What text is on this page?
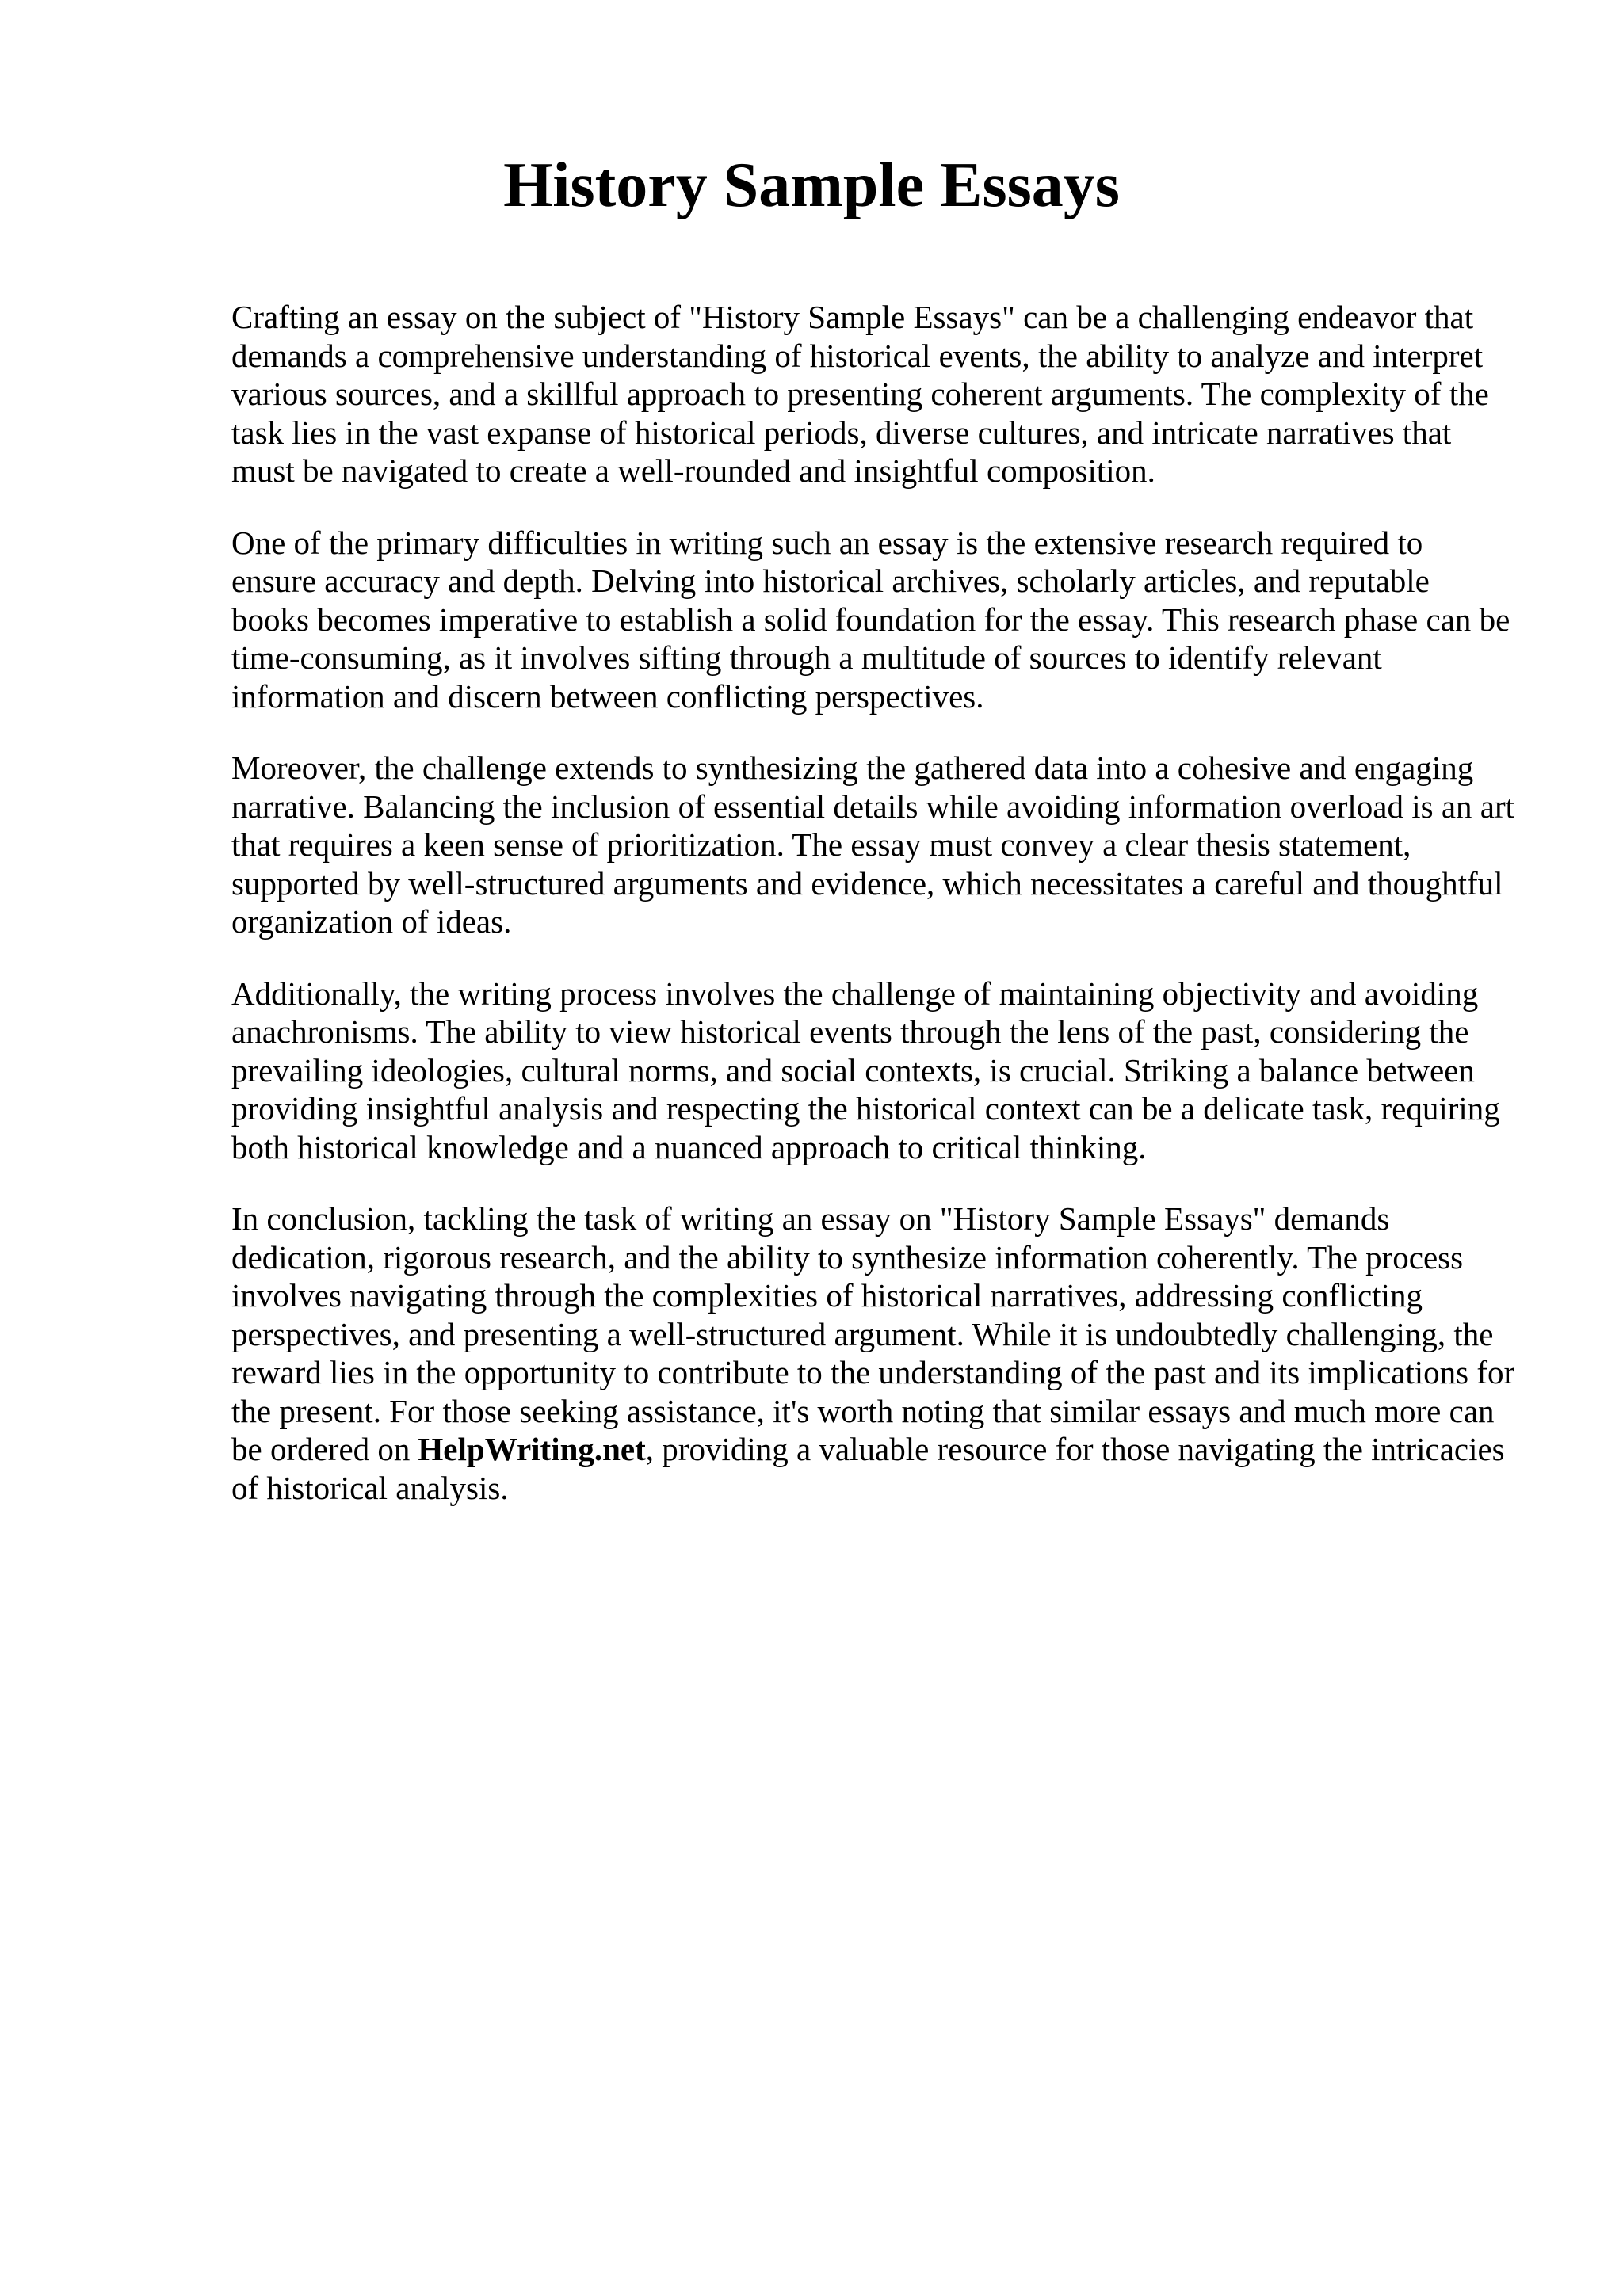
History Sample Essays

Crafting an essay on the subject of "History Sample Essays" can be a challenging endeavor that demands a comprehensive understanding of historical events, the ability to analyze and interpret various sources, and a skillful approach to presenting coherent arguments. The complexity of the task lies in the vast expanse of historical periods, diverse cultures, and intricate narratives that must be navigated to create a well-rounded and insightful composition.

One of the primary difficulties in writing such an essay is the extensive research required to ensure accuracy and depth. Delving into historical archives, scholarly articles, and reputable books becomes imperative to establish a solid foundation for the essay. This research phase can be time-consuming, as it involves sifting through a multitude of sources to identify relevant information and discern between conflicting perspectives.

Moreover, the challenge extends to synthesizing the gathered data into a cohesive and engaging narrative. Balancing the inclusion of essential details while avoiding information overload is an art that requires a keen sense of prioritization. The essay must convey a clear thesis statement, supported by well-structured arguments and evidence, which necessitates a careful and thoughtful organization of ideas.

Additionally, the writing process involves the challenge of maintaining objectivity and avoiding anachronisms. The ability to view historical events through the lens of the past, considering the prevailing ideologies, cultural norms, and social contexts, is crucial. Striking a balance between providing insightful analysis and respecting the historical context can be a delicate task, requiring both historical knowledge and a nuanced approach to critical thinking.

In conclusion, tackling the task of writing an essay on "History Sample Essays" demands dedication, rigorous research, and the ability to synthesize information coherently. The process involves navigating through the complexities of historical narratives, addressing conflicting perspectives, and presenting a well-structured argument. While it is undoubtedly challenging, the reward lies in the opportunity to contribute to the understanding of the past and its implications for the present. For those seeking assistance, it's worth noting that similar essays and much more can be ordered on HelpWriting.net, providing a valuable resource for those navigating the intricacies of historical analysis.
